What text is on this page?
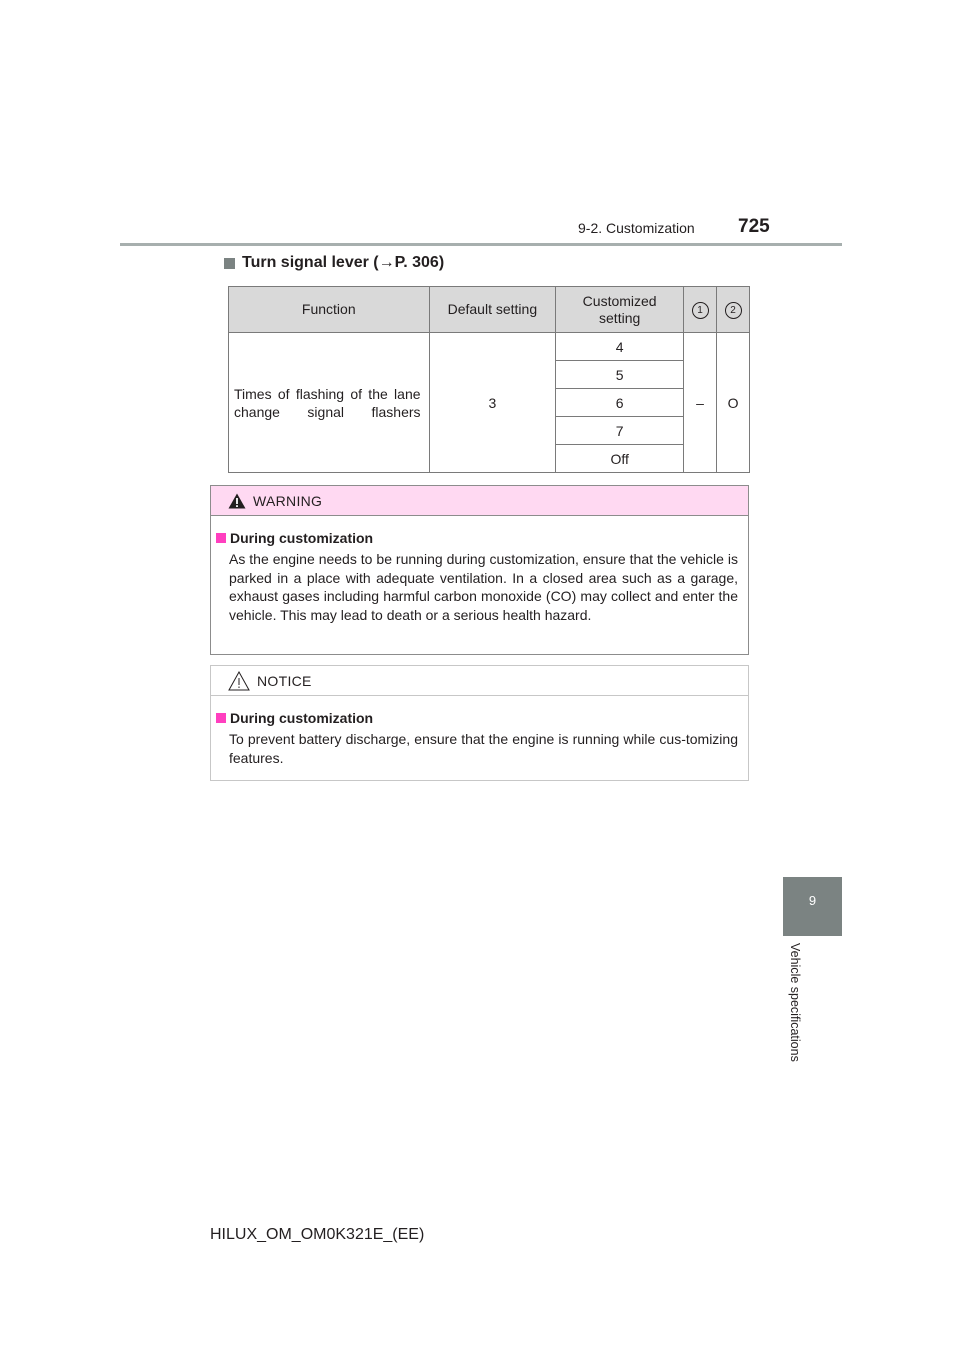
9-2. Customization 725
Turn signal lever (→P. 306)
Function	Default setting	Customized setting	1	2
Times of flashing of the lane change signal flashers	3	4	–	O
		5		
		6		
		7		
		Off		
WARNING
During customization
As the engine needs to be running during customization, ensure that the vehicle is parked in a place with adequate ventilation. In a closed area such as a garage, exhaust gases including harmful carbon monoxide (CO) may collect and enter the vehicle. This may lead to death or a serious health hazard.
NOTICE
During customization
To prevent battery discharge, ensure that the engine is running while cus-tomizing features.
9
Vehicle specifications
HILUX_OM_OM0K321E_(EE)
